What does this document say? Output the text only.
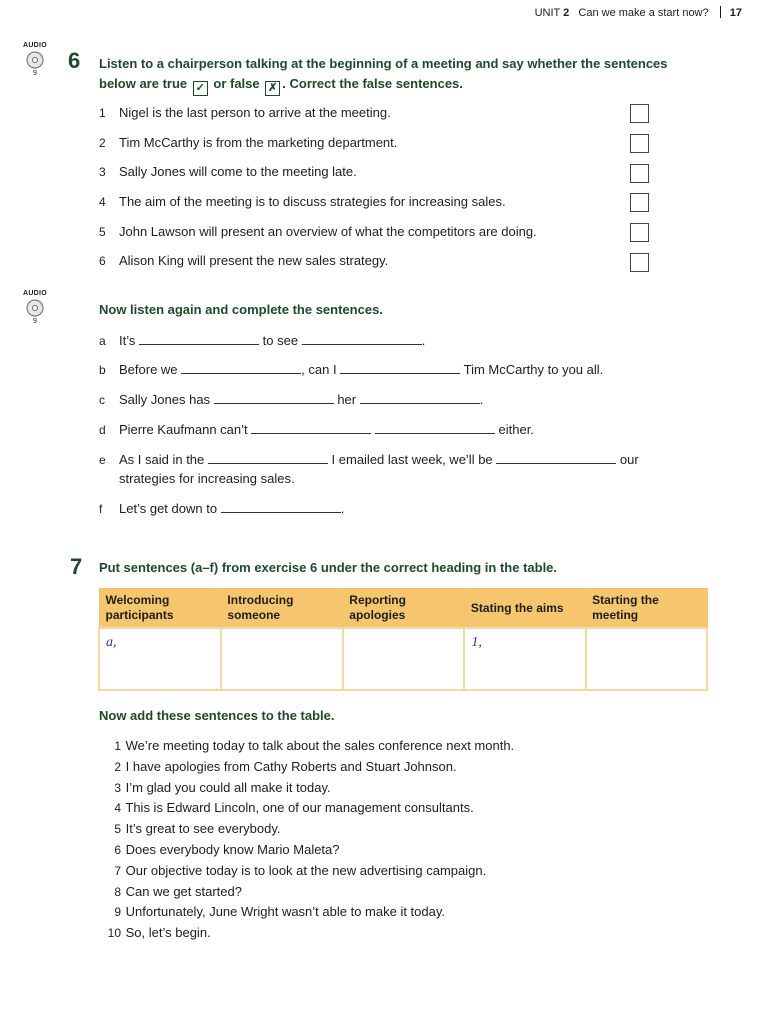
UNIT 2 Can we make a start now? 17
AUDIO
9
6 Listen to a chairperson talking at the beginning of a meeting and say whether the sentences
below are true ✓ or false ✗ . Correct the false sentences.
1 Nigel is the last person to arrive at the meeting.
2 Tim McCarthy is from the marketing department.
3 Sally Jones will come to the meeting late.
4 The aim of the meeting is to discuss strategies for increasing sales.
5 John Lawson will present an overview of what the competitors are doing.
6 Alison King will present the new sales strategy.
AUDIO
9
Now listen again and complete the sentences.
a It’s	to see	.
b Before we	, can I	Tim McCarthy to you all.
c Sally Jones has	her	.
d Pierre Kaufmann can’t	either.
e As I said in the	I emailed last week, we’ll be	our
strategies for increasing sales.
f Let’s get down to	.
7 Put sentences (a–f) from exercise 6 under the correct heading in the table.
Welcoming participants	Introducing someone	Reporting apologies	Stating the aims	Starting the meeting
a,			1,	
Now add these sentences to the table.
1 We’re meeting today to talk about the sales conference next month.
2 I have apologies from Cathy Roberts and Stuart Johnson.
3 I’m glad you could all make it today.
4 This is Edward Lincoln, one of our management consultants.
5 It’s great to see everybody.
6 Does everybody know Mario Maleta?
7 Our objective today is to look at the new advertising campaign.
8 Can we get started?
9 Unfortunately, June Wright wasn’t able to make it today.
10 So, let’s begin.
